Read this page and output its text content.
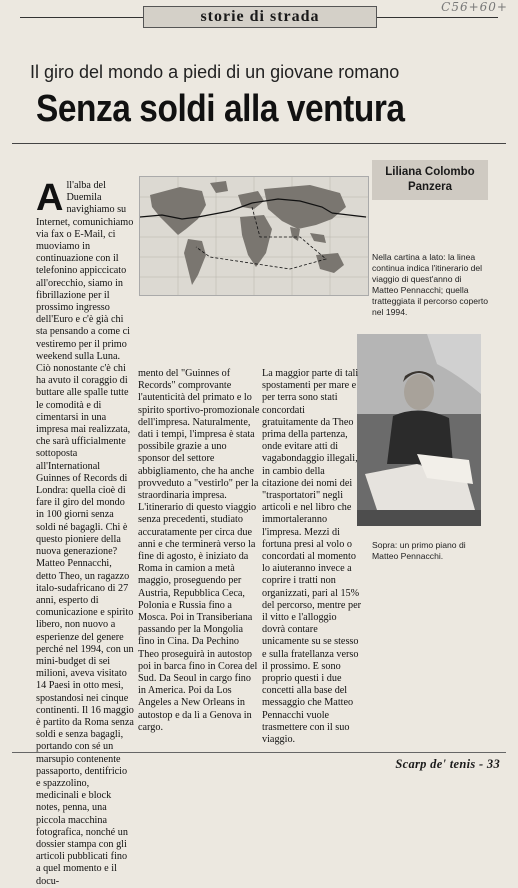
storie di strada
C56+60+
Il giro del mondo a piedi di un giovane romano
Senza soldi alla ventura
Liliana Colombo Panzera
Nella cartina a lato: la linea continua indica l'itinerario del viaggio di quest'anno di Matteo Pennacchi; quella tratteggiata il percorso coperto nel 1994.
Sopra: un primo piano di Matteo Pennacchi.
A ll'alba del Duemila navighiamo su Internet, comunichiamo via fax o E-Mail, ci muoviamo in continuazione con il telefonino appiccicato all'orecchio, siamo in fibrillazione per il prossimo ingresso dell'Euro e c'è già chi sta pensando a come ci vestiremo per il primo weekend sulla Luna. Ciò nonostante c'è chi ha avuto il coraggio di buttare alle spalle tutte le comodità e di cimentarsi in una impresa mai realizzata, che sarà ufficialmente sottoposta all'International Guinnes of Records di Londra: quella cioè di fare il giro del mondo in 100 giorni senza soldi né bagagli. Chi è questo pioniere della nuova generazione? Matteo Pennacchi, detto Theo, un ragazzo italo-sudafricano di 27 anni, esperto di comunicazione e spirito libero, non nuovo a esperienze del genere perché nel 1994, con un mini-budget di sei milioni, aveva visitato 14 Paesi in otto mesi, spostandosi nei cinque continenti. Il 16 maggio è partito da Roma senza soldi e senza bagagli, portando con sé un marsupio contenente passaporto, dentifricio e spazzolino, medicinali e block notes, penna, una piccola macchina fotografica, nonché un dossier stampa con gli articoli pubblicati fino a quel momento e il docu-

mento del "Guinnes of Records" comprovante l'autenticità del primato e lo spirito sportivo-promozionale dell'impresa. Naturalmente, dati i tempi, l'impresa è stata possibile grazie a uno sponsor del settore abbigliamento, che ha anche provveduto a "vestirlo" per la straordinaria impresa. L'itinerario di questo viaggio senza precedenti, studiato accuratamente per circa due anni e che terminerà verso la fine di agosto, è iniziato da Roma in camion a metà maggio, proseguendo per Austria, Repubblica Ceca, Polonia e Russia fino a Mosca. Poi in Transiberiana passando per la Mongolia fino in Cina. Da Pechino Theo proseguirà in autostop poi in barca fino in Corea del Sud. Da Seoul in cargo fino in America. Poi da Los Angeles a New Orleans in autostop e da lì a Genova in cargo.

La maggior parte di tali spostamenti per mare e per terra sono stati concordati gratuitamente da Theo prima della partenza, onde evitare atti di vagabondaggio illegali, in cambio della citazione dei nomi dei "trasportatori" negli articoli e nel libro che immortaleranno l'impresa. Mezzi di fortuna presi al volo o concordati al momento lo aiuteranno invece a coprire i tratti non organizzati, pari al 15% del percorso, mentre per il vitto e l'alloggio dovrà contare unicamente su se stesso e sulla fratellanza verso il prossimo. E sono proprio questi i due concetti alla base del messaggio che Matteo Pennacchi vuole trasmettere con il suo viaggio.

Scarp de' tenis - 33
